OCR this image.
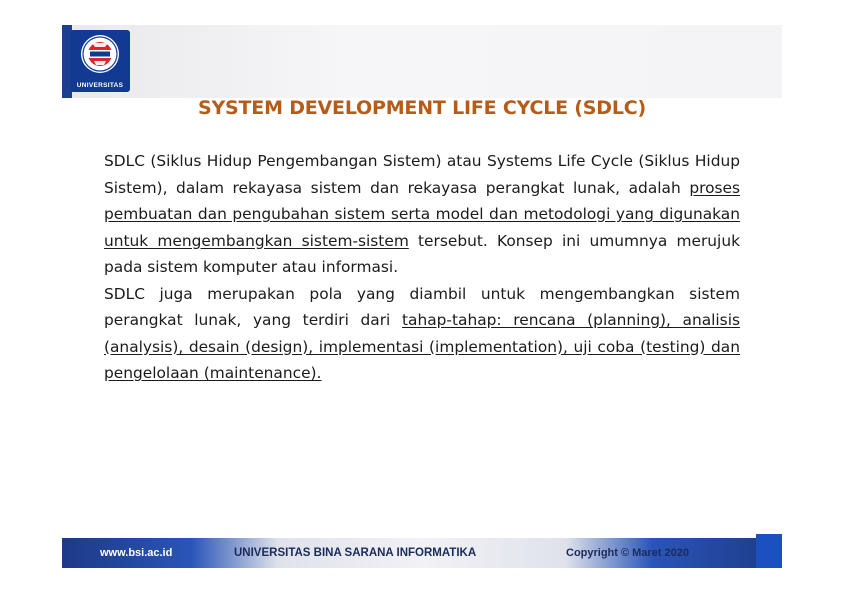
UNIVERSITAS
SYSTEM DEVELOPMENT LIFE CYCLE (SDLC)

SDLC (Siklus Hidup Pengembangan Sistem) atau Systems Life Cycle (Siklus Hidup Sistem), dalam rekayasa sistem dan rekayasa perangkat lunak, adalah proses pembuatan dan pengubahan sistem serta model dan metodologi yang digunakan untuk mengembangkan sistem-sistem tersebut. Konsep ini umumnya merujuk pada sistem komputer atau informasi.

SDLC juga merupakan pola yang diambil untuk mengembangkan sistem perangkat lunak, yang terdiri dari tahap-tahap: rencana (planning), analisis (analysis), desain (design), implementasi (implementation), uji coba (testing) dan pengelolaan (maintenance).

www.bsi.ac.id	UNIVERSITAS BINA SARANA INFORMATIKA	Copyright © Maret 2020
